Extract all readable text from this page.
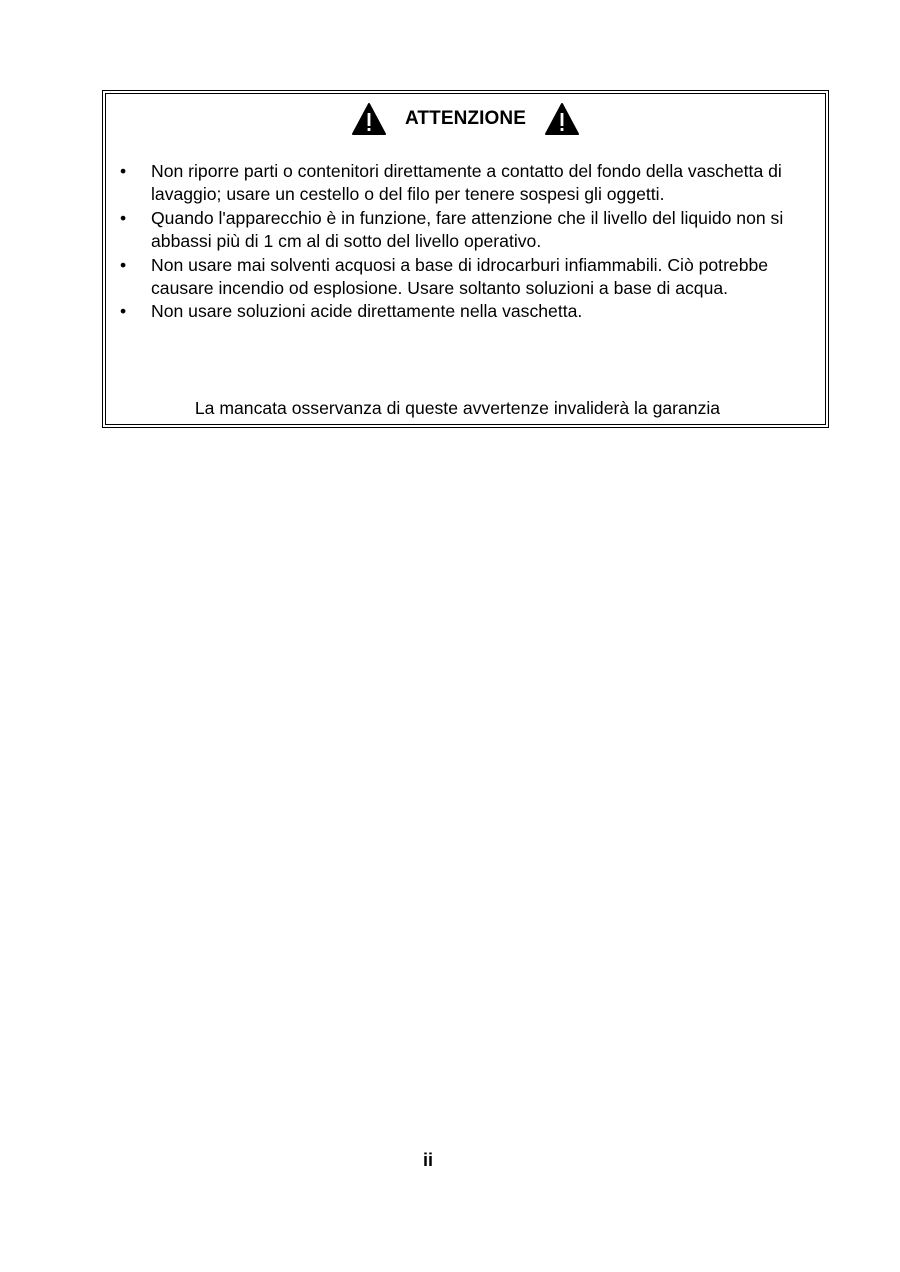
ATTENZIONE
• Non riporre parti o contenitori direttamente a contatto del fondo della vaschetta di lavaggio; usare un cestello o del filo per tenere sospesi gli oggetti.
• Quando l'apparecchio è in funzione, fare attenzione che il livello del liquido non si abbassi più di 1 cm al di sotto del livello operativo.
• Non usare mai solventi acquosi a base di idrocarburi infiammabili. Ciò potrebbe causare incendio od esplosione. Usare soltanto soluzioni a base di acqua.
• Non usare soluzioni acide direttamente nella vaschetta.
La mancata osservanza di queste avvertenze invaliderà la garanzia
ii
